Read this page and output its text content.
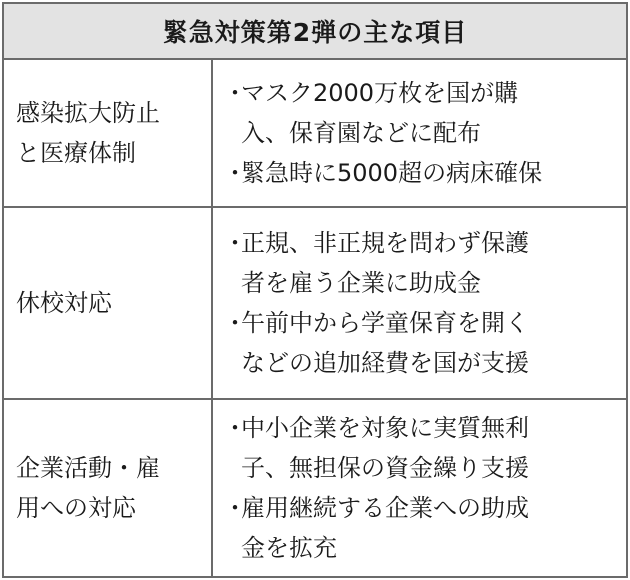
緊急対策第2弾の主な項目
感染拡大防止
と医療体制
・
マスク2000万枚を国が購
入、保育園などに配布
・
緊急時に5000超の病床確保
休校対応
・
正規、非正規を問わず保護
者を雇う企業に助成金
・
午前中から学童保育を開く
などの追加経費を国が支援
企業活動・雇
用への対応
・
中小企業を対象に実質無利
子、無担保の資金繰り支援
・
雇用継続する企業への助成
金を拡充
